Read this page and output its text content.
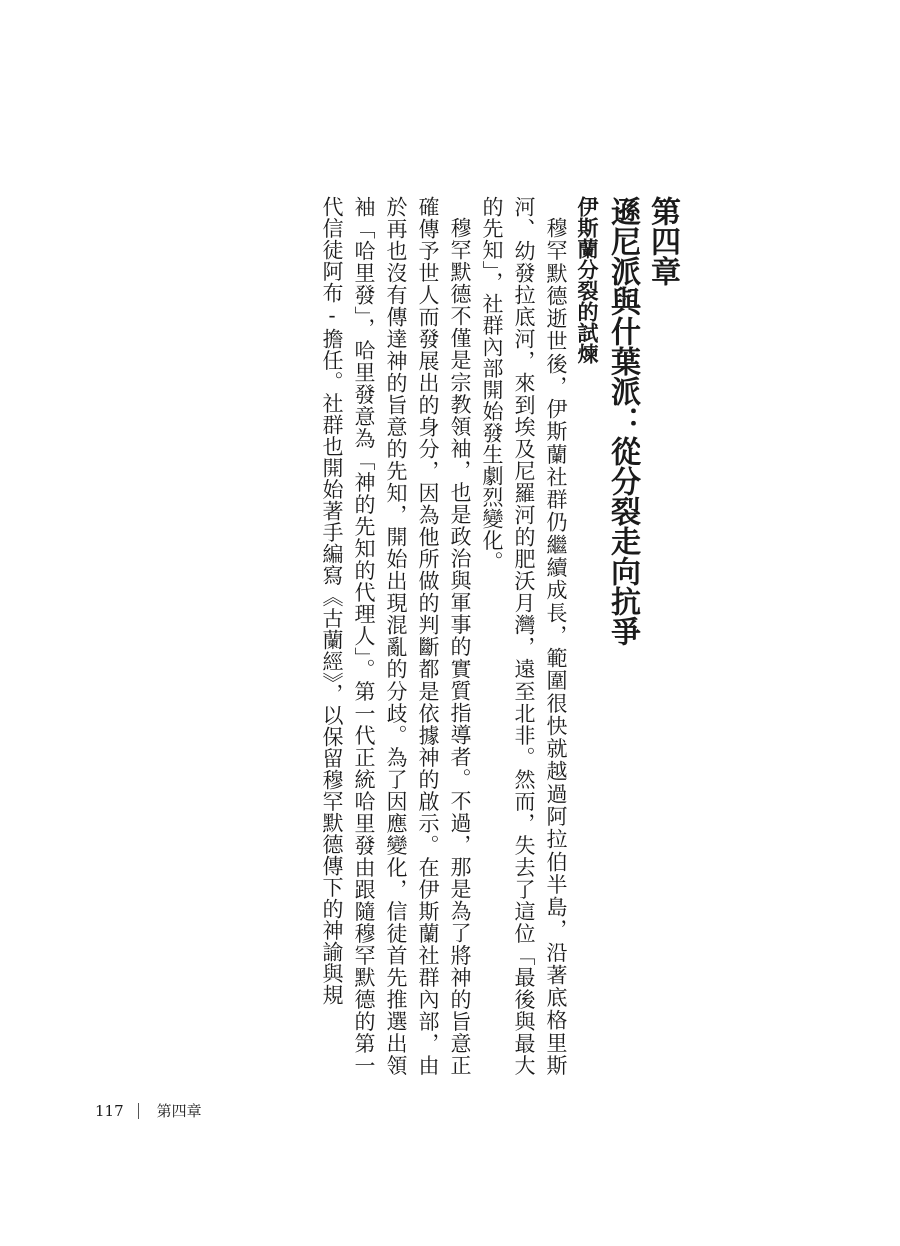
第四章
遜尼派與什葉派：從分裂走向抗爭
伊斯蘭分裂的試煉

穆罕默德逝世後，伊斯蘭社群仍繼續成長，範圍很快就越過阿拉伯半島，沿著底格里斯河、幼發拉底河，來到埃及尼羅河的肥沃月灣，遠至北非。然而，失去了這位「最後與最大的先知」，社群內部開始發生劇烈變化。

穆罕默德不僅是宗教領袖，也是政治與軍事的實質指導者。不過，那是為了將神的旨意正確傳予世人而發展出的身分，因為他所做的判斷都是依據神的啟示。在伊斯蘭社群內部，由於再也沒有傳達神的旨意的先知，開始出現混亂的分歧。為了因應變化，信徒首先推選出領袖「哈里發」，哈里發意為「神的先知的代理人」。第一代正統哈里發由跟隨穆罕默德的第一代信徒阿布-擔任。社群也開始著手編寫《古蘭經》，以保留穆罕默德傳下的神諭與規

117 第四章
